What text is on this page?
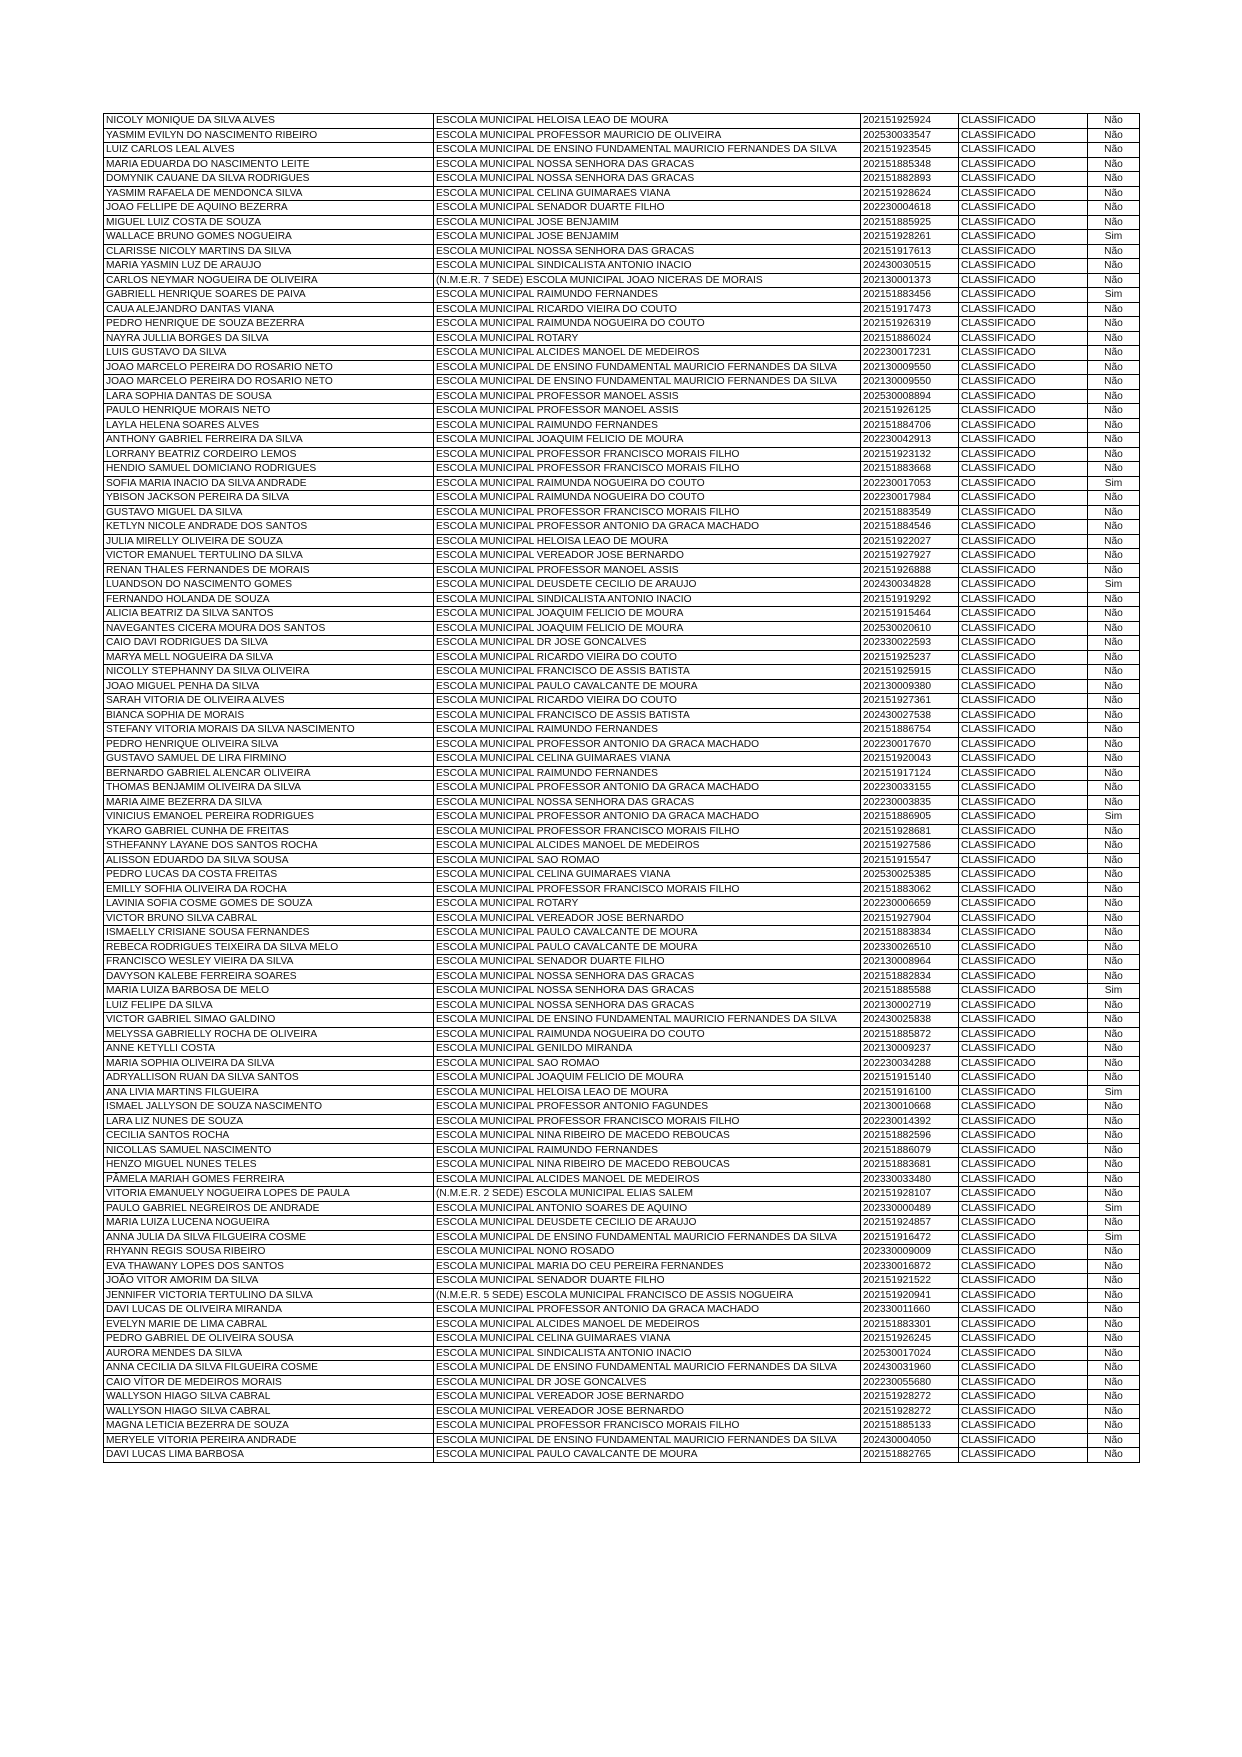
NICOLY MONIQUE DA SILVA ALVES	ESCOLA MUNICIPAL HELOISA LEAO DE MOURA	202151925924	CLASSIFICADO	Não
YASMIM EVILYN DO NASCIMENTO RIBEIRO	ESCOLA MUNICIPAL PROFESSOR MAURICIO DE OLIVEIRA	202530033547	CLASSIFICADO	Não
LUIZ CARLOS LEAL ALVES	ESCOLA MUNICIPAL DE ENSINO FUNDAMENTAL MAURICIO FERNANDES DA SILVA	202151923545	CLASSIFICADO	Não
MARIA EDUARDA DO NASCIMENTO LEITE	ESCOLA MUNICIPAL NOSSA SENHORA DAS GRACAS	202151885348	CLASSIFICADO	Não
DOMYNIK CAUANE DA SILVA RODRIGUES	ESCOLA MUNICIPAL NOSSA SENHORA DAS GRACAS	202151882893	CLASSIFICADO	Não
YASMIM RAFAELA DE MENDONCA SILVA	ESCOLA MUNICIPAL CELINA GUIMARAES VIANA	202151928624	CLASSIFICADO	Não
JOAO FELLIPE DE AQUINO BEZERRA	ESCOLA MUNICIPAL SENADOR DUARTE FILHO	202230004618	CLASSIFICADO	Não
MIGUEL LUIZ COSTA DE SOUZA	ESCOLA MUNICIPAL JOSE BENJAMIM	202151885925	CLASSIFICADO	Não
WALLACE BRUNO GOMES NOGUEIRA	ESCOLA MUNICIPAL JOSE BENJAMIM	202151928261	CLASSIFICADO	Sim
CLARISSE NICOLY MARTINS DA SILVA	ESCOLA MUNICIPAL NOSSA SENHORA DAS GRACAS	202151917613	CLASSIFICADO	Não
MARIA YASMIN LUZ DE ARAUJO	ESCOLA MUNICIPAL SINDICALISTA ANTONIO INACIO	202430030515	CLASSIFICADO	Não
CARLOS NEYMAR NOGUEIRA DE OLIVEIRA	(N.M.E.R. 7 SEDE) ESCOLA MUNICIPAL JOAO NICERAS DE MORAIS	202130001373	CLASSIFICADO	Não
GABRIELL HENRIQUE SOARES DE PAIVA	ESCOLA MUNICIPAL RAIMUNDO FERNANDES	202151883456	CLASSIFICADO	Sim
CAUA ALEJANDRO DANTAS VIANA	ESCOLA MUNICIPAL RICARDO VIEIRA DO COUTO	202151917473	CLASSIFICADO	Não
PEDRO HENRIQUE DE SOUZA BEZERRA	ESCOLA MUNICIPAL RAIMUNDA NOGUEIRA DO COUTO	202151926319	CLASSIFICADO	Não
NAYRA JULLIA BORGES DA SILVA	ESCOLA MUNICIPAL ROTARY	202151886024	CLASSIFICADO	Não
LUIS GUSTAVO DA SILVA	ESCOLA MUNICIPAL ALCIDES MANOEL DE MEDEIROS	202230017231	CLASSIFICADO	Não
JOAO MARCELO PEREIRA DO ROSARIO NETO	ESCOLA MUNICIPAL DE ENSINO FUNDAMENTAL MAURICIO FERNANDES DA SILVA	202130009550	CLASSIFICADO	Não
JOAO MARCELO PEREIRA DO ROSARIO NETO	ESCOLA MUNICIPAL DE ENSINO FUNDAMENTAL MAURICIO FERNANDES DA SILVA	202130009550	CLASSIFICADO	Não
LARA SOPHIA DANTAS DE SOUSA	ESCOLA MUNICIPAL PROFESSOR MANOEL ASSIS	202530008894	CLASSIFICADO	Não
PAULO HENRIQUE MORAIS NETO	ESCOLA MUNICIPAL PROFESSOR MANOEL ASSIS	202151926125	CLASSIFICADO	Não
LAYLA HELENA SOARES ALVES	ESCOLA MUNICIPAL RAIMUNDO FERNANDES	202151884706	CLASSIFICADO	Não
ANTHONY GABRIEL FERREIRA DA SILVA	ESCOLA MUNICIPAL JOAQUIM FELICIO DE MOURA	202230042913	CLASSIFICADO	Não
LORRANY BEATRIZ CORDEIRO LEMOS	ESCOLA MUNICIPAL PROFESSOR FRANCISCO MORAIS FILHO	202151923132	CLASSIFICADO	Não
HENDIO SAMUEL DOMICIANO RODRIGUES	ESCOLA MUNICIPAL PROFESSOR FRANCISCO MORAIS FILHO	202151883668	CLASSIFICADO	Não
SOFIA MARIA INACIO DA SILVA ANDRADE	ESCOLA MUNICIPAL RAIMUNDA NOGUEIRA DO COUTO	202230017053	CLASSIFICADO	Sim
YBISON JACKSON PEREIRA DA SILVA	ESCOLA MUNICIPAL RAIMUNDA NOGUEIRA DO COUTO	202230017984	CLASSIFICADO	Não
GUSTAVO MIGUEL DA SILVA	ESCOLA MUNICIPAL PROFESSOR FRANCISCO MORAIS FILHO	202151883549	CLASSIFICADO	Não
KETLYN NICOLE ANDRADE DOS SANTOS	ESCOLA MUNICIPAL PROFESSOR ANTONIO DA GRACA MACHADO	202151884546	CLASSIFICADO	Não
JULIA MIRELLY OLIVEIRA DE SOUZA	ESCOLA MUNICIPAL HELOISA LEAO DE MOURA	202151922027	CLASSIFICADO	Não
VICTOR EMANUEL TERTULINO DA SILVA	ESCOLA MUNICIPAL VEREADOR JOSE BERNARDO	202151927927	CLASSIFICADO	Não
RENAN THALES FERNANDES DE MORAIS	ESCOLA MUNICIPAL PROFESSOR MANOEL ASSIS	202151926888	CLASSIFICADO	Não
LUANDSON DO NASCIMENTO GOMES	ESCOLA MUNICIPAL DEUSDETE CECILIO DE ARAUJO	202430034828	CLASSIFICADO	Sim
FERNANDO HOLANDA DE SOUZA	ESCOLA MUNICIPAL SINDICALISTA ANTONIO INACIO	202151919292	CLASSIFICADO	Não
ALICIA BEATRIZ DA SILVA SANTOS	ESCOLA MUNICIPAL JOAQUIM FELICIO DE MOURA	202151915464	CLASSIFICADO	Não
NAVEGANTES CICERA MOURA DOS SANTOS	ESCOLA MUNICIPAL JOAQUIM FELICIO DE MOURA	202530020610	CLASSIFICADO	Não
CAIO DAVI RODRIGUES DA SILVA	ESCOLA MUNICIPAL DR JOSE GONCALVES	202330022593	CLASSIFICADO	Não
MARYA MELL NOGUEIRA DA SILVA	ESCOLA MUNICIPAL RICARDO VIEIRA DO COUTO	202151925237	CLASSIFICADO	Não
NICOLLY STEPHANNY DA SILVA OLIVEIRA	ESCOLA MUNICIPAL FRANCISCO DE ASSIS BATISTA	202151925915	CLASSIFICADO	Não
JOAO MIGUEL PENHA DA SILVA	ESCOLA MUNICIPAL PAULO CAVALCANTE DE MOURA	202130009380	CLASSIFICADO	Não
SARAH VITORIA DE OLIVEIRA ALVES	ESCOLA MUNICIPAL RICARDO VIEIRA DO COUTO	202151927361	CLASSIFICADO	Não
BIANCA SOPHIA DE MORAIS	ESCOLA MUNICIPAL FRANCISCO DE ASSIS BATISTA	202430027538	CLASSIFICADO	Não
STEFANY VITORIA MORAIS DA SILVA NASCIMENTO	ESCOLA MUNICIPAL RAIMUNDO FERNANDES	202151886754	CLASSIFICADO	Não
PEDRO HENRIQUE OLIVEIRA SILVA	ESCOLA MUNICIPAL PROFESSOR ANTONIO DA GRACA MACHADO	202230017670	CLASSIFICADO	Não
GUSTAVO SAMUEL DE LIRA FIRMINO	ESCOLA MUNICIPAL CELINA GUIMARAES VIANA	202151920043	CLASSIFICADO	Não
BERNARDO GABRIEL ALENCAR OLIVEIRA	ESCOLA MUNICIPAL RAIMUNDO FERNANDES	202151917124	CLASSIFICADO	Não
THOMAS BENJAMIM OLIVEIRA DA SILVA	ESCOLA MUNICIPAL PROFESSOR ANTONIO DA GRACA MACHADO	202230033155	CLASSIFICADO	Não
MARIA AIME BEZERRA DA SILVA	ESCOLA MUNICIPAL NOSSA SENHORA DAS GRACAS	202230003835	CLASSIFICADO	Não
VINICIUS EMANOEL PEREIRA RODRIGUES	ESCOLA MUNICIPAL PROFESSOR ANTONIO DA GRACA MACHADO	202151886905	CLASSIFICADO	Sim
YKARO GABRIEL CUNHA DE FREITAS	ESCOLA MUNICIPAL PROFESSOR FRANCISCO MORAIS FILHO	202151928681	CLASSIFICADO	Não
STHEFANNY LAYANE DOS SANTOS ROCHA	ESCOLA MUNICIPAL ALCIDES MANOEL DE MEDEIROS	202151927586	CLASSIFICADO	Não
ALISSON EDUARDO DA SILVA SOUSA	ESCOLA MUNICIPAL SAO ROMAO	202151915547	CLASSIFICADO	Não
PEDRO LUCAS DA COSTA FREITAS	ESCOLA MUNICIPAL CELINA GUIMARAES VIANA	202530025385	CLASSIFICADO	Não
EMILLY SOFHIA OLIVEIRA DA ROCHA	ESCOLA MUNICIPAL PROFESSOR FRANCISCO MORAIS FILHO	202151883062	CLASSIFICADO	Não
LAVINIA SOFIA COSME GOMES DE SOUZA	ESCOLA MUNICIPAL ROTARY	202230006659	CLASSIFICADO	Não
VICTOR BRUNO SILVA CABRAL	ESCOLA MUNICIPAL VEREADOR JOSE BERNARDO	202151927904	CLASSIFICADO	Não
ISMAELLY CRISIANE SOUSA FERNANDES	ESCOLA MUNICIPAL PAULO CAVALCANTE DE MOURA	202151883834	CLASSIFICADO	Não
REBECA RODRIGUES TEIXEIRA DA SILVA MELO	ESCOLA MUNICIPAL PAULO CAVALCANTE DE MOURA	202330026510	CLASSIFICADO	Não
FRANCISCO WESLEY VIEIRA DA SILVA	ESCOLA MUNICIPAL SENADOR DUARTE FILHO	202130008964	CLASSIFICADO	Não
DAVYSON KALEBE FERREIRA SOARES	ESCOLA MUNICIPAL NOSSA SENHORA DAS GRACAS	202151882834	CLASSIFICADO	Não
MARIA LUIZA BARBOSA DE MELO	ESCOLA MUNICIPAL NOSSA SENHORA DAS GRACAS	202151885588	CLASSIFICADO	Sim
LUIZ FELIPE DA SILVA	ESCOLA MUNICIPAL NOSSA SENHORA DAS GRACAS	202130002719	CLASSIFICADO	Não
VICTOR GABRIEL SIMAO GALDINO	ESCOLA MUNICIPAL DE ENSINO FUNDAMENTAL MAURICIO FERNANDES DA SILVA	202430025838	CLASSIFICADO	Não
MELYSSA GABRIELLY ROCHA DE OLIVEIRA	ESCOLA MUNICIPAL RAIMUNDA NOGUEIRA DO COUTO	202151885872	CLASSIFICADO	Não
ANNE KETYLLI COSTA	ESCOLA MUNICIPAL GENILDO MIRANDA	202130009237	CLASSIFICADO	Não
MARIA SOPHIA OLIVEIRA DA SILVA	ESCOLA MUNICIPAL SAO ROMAO	202230034288	CLASSIFICADO	Não
ADRYALLISON RUAN DA SILVA SANTOS	ESCOLA MUNICIPAL JOAQUIM FELICIO DE MOURA	202151915140	CLASSIFICADO	Não
ANA LIVIA MARTINS FILGUEIRA	ESCOLA MUNICIPAL HELOISA LEAO DE MOURA	202151916100	CLASSIFICADO	Sim
ISMAEL JALLYSON DE SOUZA NASCIMENTO	ESCOLA MUNICIPAL PROFESSOR ANTONIO FAGUNDES	202130010668	CLASSIFICADO	Não
LARA LIZ NUNES DE SOUZA	ESCOLA MUNICIPAL PROFESSOR FRANCISCO MORAIS FILHO	202230014392	CLASSIFICADO	Não
CECILIA SANTOS ROCHA	ESCOLA MUNICIPAL NINA RIBEIRO DE MACEDO REBOUCAS	202151882596	CLASSIFICADO	Não
NICOLLAS SAMUEL NASCIMENTO	ESCOLA MUNICIPAL RAIMUNDO FERNANDES	202151886079	CLASSIFICADO	Não
HENZO MIGUEL NUNES TELES	ESCOLA MUNICIPAL NINA RIBEIRO DE MACEDO REBOUCAS	202151883681	CLASSIFICADO	Não
PÂMELA MARIAH GOMES FERREIRA	ESCOLA MUNICIPAL ALCIDES MANOEL DE MEDEIROS	202330033480	CLASSIFICADO	Não
VITORIA EMANUELY NOGUEIRA LOPES DE PAULA	(N.M.E.R. 2 SEDE) ESCOLA MUNICIPAL ELIAS SALEM	202151928107	CLASSIFICADO	Não
PAULO GABRIEL NEGREIROS DE ANDRADE	ESCOLA MUNICIPAL ANTONIO SOARES DE AQUINO	202330000489	CLASSIFICADO	Sim
MARIA LUIZA LUCENA NOGUEIRA	ESCOLA MUNICIPAL DEUSDETE CECILIO DE ARAUJO	202151924857	CLASSIFICADO	Não
ANNA JULIA DA SILVA FILGUEIRA COSME	ESCOLA MUNICIPAL DE ENSINO FUNDAMENTAL MAURICIO FERNANDES DA SILVA	202151916472	CLASSIFICADO	Sim
RHYANN REGIS SOUSA RIBEIRO	ESCOLA MUNICIPAL NONO ROSADO	202330009009	CLASSIFICADO	Não
EVA THAWANY LOPES DOS SANTOS	ESCOLA MUNICIPAL MARIA DO CEU PEREIRA FERNANDES	202330016872	CLASSIFICADO	Não
JOÃO VITOR AMORIM DA SILVA	ESCOLA MUNICIPAL SENADOR DUARTE FILHO	202151921522	CLASSIFICADO	Não
JENNIFER VICTORIA TERTULINO DA SILVA	(N.M.E.R. 5 SEDE) ESCOLA MUNICIPAL FRANCISCO DE ASSIS NOGUEIRA	202151920941	CLASSIFICADO	Não
DAVI LUCAS DE OLIVEIRA MIRANDA	ESCOLA MUNICIPAL PROFESSOR ANTONIO DA GRACA MACHADO	202330011660	CLASSIFICADO	Não
EVELYN MARIE DE LIMA CABRAL	ESCOLA MUNICIPAL ALCIDES MANOEL DE MEDEIROS	202151883301	CLASSIFICADO	Não
PEDRO GABRIEL DE OLIVEIRA SOUSA	ESCOLA MUNICIPAL CELINA GUIMARAES VIANA	202151926245	CLASSIFICADO	Não
AURORA MENDES DA SILVA	ESCOLA MUNICIPAL SINDICALISTA ANTONIO INACIO	202530017024	CLASSIFICADO	Não
ANNA CECILIA DA SILVA FILGUEIRA COSME	ESCOLA MUNICIPAL DE ENSINO FUNDAMENTAL MAURICIO FERNANDES DA SILVA	202430031960	CLASSIFICADO	Não
CAIO VÍTOR DE MEDEIROS MORAIS	ESCOLA MUNICIPAL DR JOSE GONCALVES	202230055680	CLASSIFICADO	Não
WALLYSON HIAGO SILVA CABRAL	ESCOLA MUNICIPAL VEREADOR JOSE BERNARDO	202151928272	CLASSIFICADO	Não
WALLYSON HIAGO SILVA CABRAL	ESCOLA MUNICIPAL VEREADOR JOSE BERNARDO	202151928272	CLASSIFICADO	Não
MAGNA LETICIA BEZERRA DE SOUZA	ESCOLA MUNICIPAL PROFESSOR FRANCISCO MORAIS FILHO	202151885133	CLASSIFICADO	Não
MERYELE VITORIA PEREIRA ANDRADE	ESCOLA MUNICIPAL DE ENSINO FUNDAMENTAL MAURICIO FERNANDES DA SILVA	202430004050	CLASSIFICADO	Não
DAVI LUCAS LIMA BARBOSA	ESCOLA MUNICIPAL PAULO CAVALCANTE DE MOURA	202151882765	CLASSIFICADO	Não
